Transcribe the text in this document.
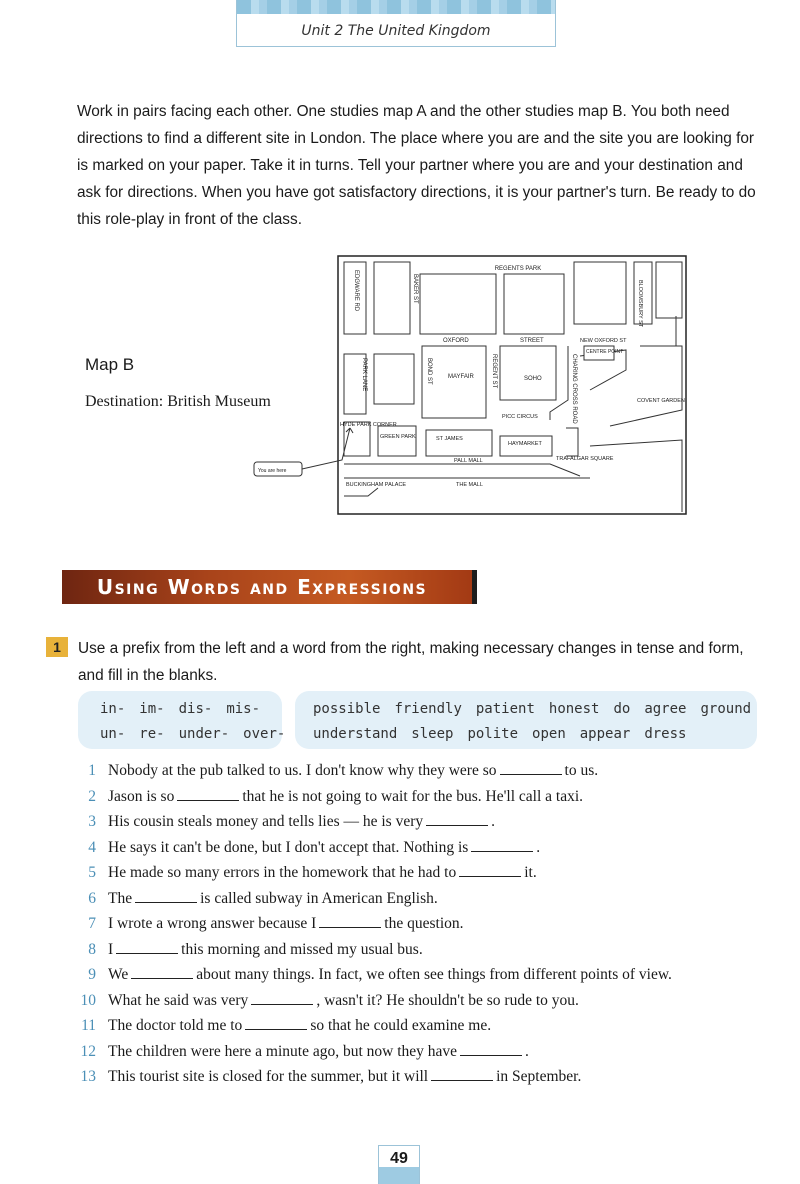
Unit 2 The United Kingdom
Work in pairs facing each other. One studies map A and the other studies map B. You both need directions to find a different site in London. The place where you are and the site you are looking for is marked on your paper. Take it in turns. Tell your partner where you are and your destination and ask for directions. When you have got satisfactory directions, it is your partner's turn. Be ready to do this role-play in front of the class.
Map B
Destination: British Museum
REGENTS PARK
EDGWARE RD	BAKER ST	BLOOMSBURY ST
OXFORD	STREET	NEW OXFORD ST
CENTRE POINT
PARK LANE	BOND ST	MAYFAIR	REGENT ST	SOHO	CHARING CROSS ROAD	COVENT GARDEN
PICC CIRCUS
HYDE PARK CORNER
GREEN PARK	ST JAMES
HAYMARKET
PALL MALL	TRAFALGAR SQUARE
BUCKINGHAM PALACE	THE MALL
You are here
Using Words and Expressions
1	Use a prefix from the left and a word from the right, making necessary changes in tense and form, and fill in the blanks.
in- im- dis- mis-
un- re- under- over-
possible friendly patient honest do agree ground
understand sleep polite open appear dress
1 Nobody at the pub talked to us. I don't know why they were so	to us.
2 Jason is so	that he is not going to wait for the bus. He'll call a taxi.
3 His cousin steals money and tells lies — he is very	.
4 He says it can't be done, but I don't accept that. Nothing is	.
5 He made so many errors in the homework that he had to	it.
6 The	is called subway in American English.
7 I wrote a wrong answer because I	the question.
8 I	this morning and missed my usual bus.
9 We	about many things. In fact, we often see things from different points of view.
10 What he said was very	, wasn't it? He shouldn't be so rude to you.
11 The doctor told me to	so that he could examine me.
12 The children were here a minute ago, but now they have	.
13 This tourist site is closed for the summer, but it will	in September.
49
